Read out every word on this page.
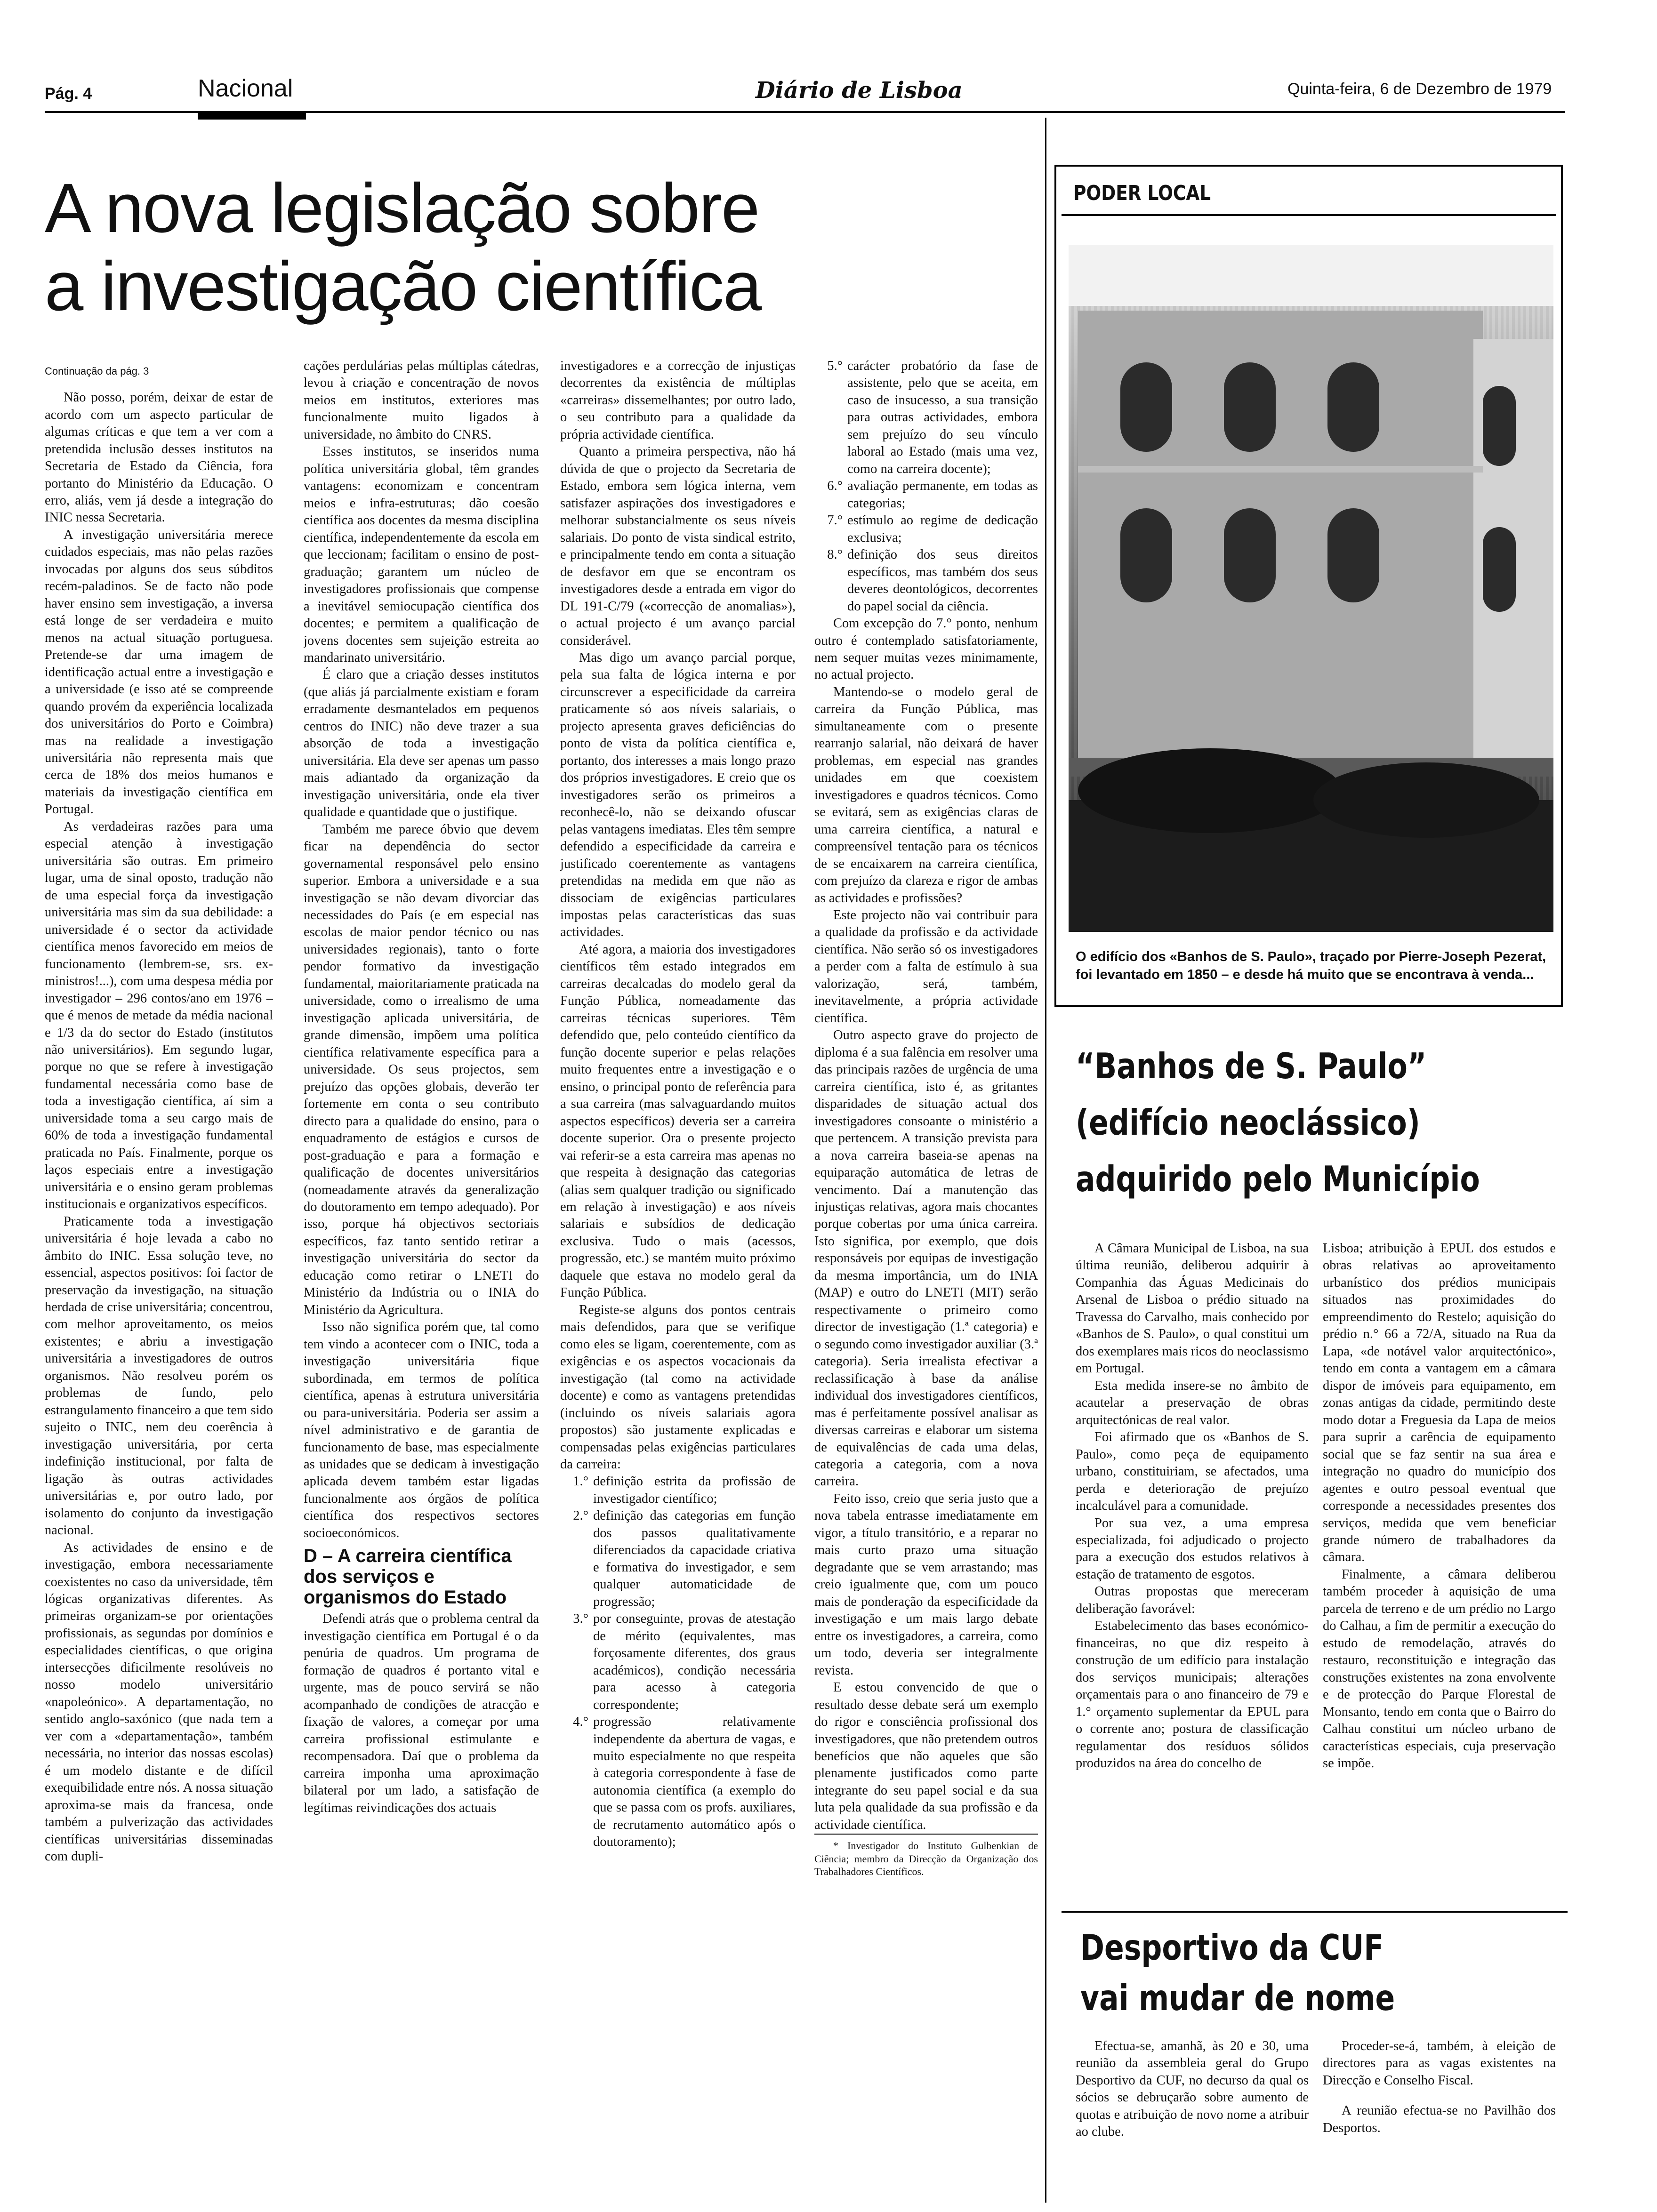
Pág. 4	Nacional	Diário de Lisboa	Quinta-feira, 6 de Dezembro de 1979
A nova legislação sobre
a investigação científica
Continuação da pág. 3

Não posso, porém, deixar de estar de acordo com um aspecto particular de algumas críticas e que tem a ver com a pretendida inclusão desses institutos na Secretaria de Estado da Ciência, fora portanto do Ministério da Educação. O erro, aliás, vem já desde a integração do INIC nessa Secretaria.

A investigação universitária merece cuidados especiais, mas não pelas razões invocadas por alguns dos seus súbditos recém-paladinos. Se de facto não pode haver ensino sem investigação, a inversa está longe de ser verdadeira e muito menos na actual situação portuguesa. Pretende-se dar uma imagem de identificação actual entre a investigação e a universidade (e isso até se compreende quando provém da experiência localizada dos universitários do Porto e Coimbra) mas na realidade a investigação universitária não representa mais que cerca de 18% dos meios humanos e materiais da investigação científica em Portugal.

As verdadeiras razões para uma especial atenção à investigação universitária são outras. Em primeiro lugar, uma de sinal oposto, tradução não de uma especial força da investigação universitária mas sim da sua debilidade: a universidade é o sector da actividade científica menos favorecido em meios de funcionamento (lembrem-se, srs. ex-ministros!...), com uma despesa média por investigador – 296 contos/ano em 1976 – que é menos de metade da média nacional e 1/3 da do sector do Estado (institutos não universitários). Em segundo lugar, porque no que se refere à investigação fundamental necessária como base de toda a investigação científica, aí sim a universidade toma a seu cargo mais de 60% de toda a investigação fundamental praticada no País. Finalmente, porque os laços especiais entre a investigação universitária e o ensino geram problemas institucionais e organizativos específicos.

Praticamente toda a investigação universitária é hoje levada a cabo no âmbito do INIC. Essa solução teve, no essencial, aspectos positivos: foi factor de preservação da investigação, na situação herdada de crise universitária; concentrou, com melhor aproveitamento, os meios existentes; e abriu a investigação universitária a investigadores de outros organismos. Não resolveu porém os problemas de fundo, pelo estrangulamento financeiro a que tem sido sujeito o INIC, nem deu coerência à investigação universitária, por certa indefinição institucional, por falta de ligação às outras actividades universitárias e, por outro lado, por isolamento do conjunto da investigação nacional.

As actividades de ensino e de investigação, embora necessariamente coexistentes no caso da universidade, têm lógicas organizativas diferentes. As primeiras organizam-se por orientações profissionais, as segundas por domínios e especialidades científicas, o que origina intersecções dificilmente resolúveis no nosso modelo universitário «napoleónico». A departamentação, no sentido anglo-saxónico (que nada tem a ver com a «departamentação», também necessária, no interior das nossas escolas) é um modelo distante e de difícil exequibilidade entre nós. A nossa situação aproxima-se mais da francesa, onde também a pulverização das actividades científicas universitárias disseminadas com dupli-

cações perdulárias pelas múltiplas cátedras, levou à criação e concentração de novos meios em institutos, exteriores mas funcionalmente muito ligados à universidade, no âmbito do CNRS.

Esses institutos, se inseridos numa política universitária global, têm grandes vantagens: economizam e concentram meios e infra-estruturas; dão coesão científica aos docentes da mesma disciplina científica, independentemente da escola em que leccionam; facilitam o ensino de post-graduação; garantem um núcleo de investigadores profissionais que compense a inevitável semiocupação científica dos docentes; e permitem a qualificação de jovens docentes sem sujeição estreita ao mandarinato universitário.

É claro que a criação desses institutos (que aliás já parcialmente existiam e foram erradamente desmantelados em pequenos centros do INIC) não deve trazer a sua absorção de toda a investigação universitária. Ela deve ser apenas um passo mais adiantado da organização da investigação universitária, onde ela tiver qualidade e quantidade que o justifique.

Também me parece óbvio que devem ficar na dependência do sector governamental responsável pelo ensino superior. Embora a universidade e a sua investigação se não devam divorciar das necessidades do País (e em especial nas escolas de maior pendor técnico ou nas universidades regionais), tanto o forte pendor formativo da investigação fundamental, maioritariamente praticada na universidade, como o irrealismo de uma investigação aplicada universitária, de grande dimensão, impõem uma política científica relativamente específica para a universidade. Os seus projectos, sem prejuízo das opções globais, deverão ter fortemente em conta o seu contributo directo para a qualidade do ensino, para o enquadramento de estágios e cursos de post-graduação e para a formação e qualificação de docentes universitários (nomeadamente através da generalização do doutoramento em tempo adequado). Por isso, porque há objectivos sectoriais específicos, faz tanto sentido retirar a investigação universitária do sector da educação como retirar o LNETI do Ministério da Indústria ou o INIA do Ministério da Agricultura.

Isso não significa porém que, tal como tem vindo a acontecer com o INIC, toda a investigação universitária fique subordinada, em termos de política científica, apenas à estrutura universitária ou para-universitária. Poderia ser assim a nível administrativo e de garantia de funcionamento de base, mas especialmente as unidades que se dedicam à investigação aplicada devem também estar ligadas funcionalmente aos órgãos de política científica dos respectivos sectores socioeconómicos.

D – A carreira científica dos serviços e organismos do Estado

Defendi atrás que o problema central da investigação científica em Portugal é o da penúria de quadros. Um programa de formação de quadros é portanto vital e urgente, mas de pouco servirá se não acompanhado de condições de atracção e fixação de valores, a começar por uma carreira profissional estimulante e recompensadora. Daí que o problema da carreira imponha uma aproximação bilateral por um lado, a satisfação de legítimas reivindicações dos actuais

investigadores e a correcção de injustiças decorrentes da existência de múltiplas «carreiras» dissemelhantes; por outro lado, o seu contributo para a qualidade da própria actividade científica.

Quanto a primeira perspectiva, não há dúvida de que o projecto da Secretaria de Estado, embora sem lógica interna, vem satisfazer aspirações dos investigadores e melhorar substancialmente os seus níveis salariais. Do ponto de vista sindical estrito, e principalmente tendo em conta a situação de desfavor em que se encontram os investigadores desde a entrada em vigor do DL 191-C/79 («correcção de anomalias»), o actual projecto é um avanço parcial considerável.

Mas digo um avanço parcial porque, pela sua falta de lógica interna e por circunscrever a especificidade da carreira praticamente só aos níveis salariais, o projecto apresenta graves deficiências do ponto de vista da política científica e, portanto, dos interesses a mais longo prazo dos próprios investigadores. E creio que os investigadores serão os primeiros a reconhecê-lo, não se deixando ofuscar pelas vantagens imediatas. Eles têm sempre defendido a especificidade da carreira e justificado coerentemente as vantagens pretendidas na medida em que não as dissociam de exigências particulares impostas pelas características das suas actividades.

Até agora, a maioria dos investigadores científicos têm estado integrados em carreiras decalcadas do modelo geral da Função Pública, nomeadamente das carreiras técnicas superiores. Têm defendido que, pelo conteúdo científico da função docente superior e pelas relações muito frequentes entre a investigação e o ensino, o principal ponto de referência para a sua carreira (mas salvaguardando muitos aspectos específicos) deveria ser a carreira docente superior. Ora o presente projecto vai referir-se a esta carreira mas apenas no que respeita à designação das categorias (alias sem qualquer tradição ou significado em relação à investigação) e aos níveis salariais e subsídios de dedicação exclusiva. Tudo o mais (acessos, progressão, etc.) se mantém muito próximo daquele que estava no modelo geral da Função Pública.

Registe-se alguns dos pontos centrais mais defendidos, para que se verifique como eles se ligam, coerentemente, com as exigências e os aspectos vocacionais da investigação (tal como na actividade docente) e como as vantagens pretendidas (incluindo os níveis salariais agora propostos) são justamente explicadas e compensadas pelas exigências particulares da carreira:

1.° definição estrita da profissão de investigador científico;
2.° definição das categorias em função dos passos qualitativamente diferenciados da capacidade criativa e formativa do investigador, e sem qualquer automaticidade de progressão;
3.° por conseguinte, provas de atestação de mérito (equivalentes, mas forçosamente diferentes, dos graus académicos), condição necessária para acesso à categoria correspondente;
4.° progressão relativamente independente da abertura de vagas, e muito especialmente no que respeita à categoria correspondente à fase de autonomia científica (a exemplo do que se passa com os profs. auxiliares, de recrutamento automático após o doutoramento);
5.° carácter probatório da fase de assistente, pelo que se aceita, em caso de insucesso, a sua transição para outras actividades, embora sem prejuízo do seu vínculo laboral ao Estado (mais uma vez, como na carreira docente);
6.° avaliação permanente, em todas as categorias;
7.° estímulo ao regime de dedicação exclusiva;
8.° definição dos seus direitos específicos, mas também dos seus deveres deontológicos, decorrentes do papel social da ciência.

Com excepção do 7.° ponto, nenhum outro é contemplado satisfatoriamente, nem sequer muitas vezes minimamente, no actual projecto.

Mantendo-se o modelo geral de carreira da Função Pública, mas simultaneamente com o presente rearranjo salarial, não deixará de haver problemas, em especial nas grandes unidades em que coexistem investigadores e quadros técnicos. Como se evitará, sem as exigências claras de uma carreira científica, a natural e compreensível tentação para os técnicos de se encaixarem na carreira científica, com prejuízo da clareza e rigor de ambas as actividades e profissões?

Este projecto não vai contribuir para a qualidade da profissão e da actividade científica. Não serão só os investigadores a perder com a falta de estímulo à sua valorização, será, também, inevitavelmente, a própria actividade científica.

Outro aspecto grave do projecto de diploma é a sua falência em resolver uma das principais razões de urgência de uma carreira científica, isto é, as gritantes disparidades de situação actual dos investigadores consoante o ministério a que pertencem. A transição prevista para a nova carreira baseia-se apenas na equiparação automática de letras de vencimento. Daí a manutenção das injustiças relativas, agora mais chocantes porque cobertas por uma única carreira. Isto significa, por exemplo, que dois responsáveis por equipas de investigação da mesma importância, um do INIA (MAP) e outro do LNETI (MIT) serão respectivamente o primeiro como director de investigação (1.ª categoria) e o segundo como investigador auxiliar (3.ª categoria). Seria irrealista efectivar a reclassificação à base da análise individual dos investigadores científicos, mas é perfeitamente possível analisar as diversas carreiras e elaborar um sistema de equivalências de cada uma delas, categoria a categoria, com a nova carreira.

Feito isso, creio que seria justo que a nova tabela entrasse imediatamente em vigor, a título transitório, e a reparar no mais curto prazo uma situação degradante que se vem arrastando; mas creio igualmente que, com um pouco mais de ponderação da especificidade da investigação e um mais largo debate entre os investigadores, a carreira, como um todo, deveria ser integralmente revista.

E estou convencido de que o resultado desse debate será um exemplo do rigor e consciência profissional dos investigadores, que não pretendem outros benefícios que não aqueles que são plenamente justificados como parte integrante do seu papel social e da sua luta pela qualidade da sua profissão e da actividade científica.

* Investigador do Instituto Gulbenkian de Ciência; membro da Direcção da Organização dos Trabalhadores Científicos.

PODER LOCAL
O edifício dos «Banhos de S. Paulo», traçado por Pierre-Joseph Pezerat, foi levantado em 1850 – e desde há muito que se encontrava à venda...
“Banhos de S. Paulo”
(edifício neoclássico)
adquirido pelo Município

A Câmara Municipal de Lisboa, na sua última reunião, deliberou adquirir à Companhia das Águas Medicinais do Arsenal de Lisboa o prédio situado na Travessa do Carvalho, mais conhecido por «Banhos de S. Paulo», o qual constitui um dos exemplares mais ricos do neoclassismo em Portugal.

Esta medida insere-se no âmbito de acautelar a preservação de obras arquitectónicas de real valor.

Foi afirmado que os «Banhos de S. Paulo», como peça de equipamento urbano, constituiriam, se afectados, uma perda e deterioração de prejuízo incalculável para a comunidade.

Por sua vez, a uma empresa especializada, foi adjudicado o projecto para a execução dos estudos relativos à estação de tratamento de esgotos.

Outras propostas que mereceram deliberação favorável:

Estabelecimento das bases económico-financeiras, no que diz respeito à construção de um edifício para instalação dos serviços municipais; alterações orçamentais para o ano financeiro de 79 e 1.° orçamento suplementar da EPUL para o corrente ano; postura de classificação regulamentar dos resíduos sólidos produzidos na área do concelho de

Lisboa; atribuição à EPUL dos estudos e obras relativas ao aproveitamento urbanístico dos prédios municipais situados nas proximidades do empreendimento do Restelo; aquisição do prédio n.° 66 a 72/A, situado na Rua da Lapa, «de notável valor arquitectónico», tendo em conta a vantagem em a câmara dispor de imóveis para equipamento, em zonas antigas da cidade, permitindo deste modo dotar a Freguesia da Lapa de meios para suprir a carência de equipamento social que se faz sentir na sua área e integração no quadro do município dos agentes e outro pessoal eventual que corresponde a necessidades presentes dos serviços, medida que vem beneficiar grande número de trabalhadores da câmara.

Finalmente, a câmara deliberou também proceder à aquisição de uma parcela de terreno e de um prédio no Largo do Calhau, a fim de permitir a execução do estudo de remodelação, através do restauro, reconstituição e integração das construções existentes na zona envolvente e de protecção do Parque Florestal de Monsanto, tendo em conta que o Bairro do Calhau constitui um núcleo urbano de características especiais, cuja preservação se impõe.

Desportivo da CUF
vai mudar de nome

Efectua-se, amanhã, às 20 e 30, uma reunião da assembleia geral do Grupo Desportivo da CUF, no decurso da qual os sócios se debruçarão sobre aumento de quotas e atribuição de novo nome a atribuir ao clube.

Proceder-se-á, também, à eleição de directores para as vagas existentes na Direcção e Conselho Fiscal.

A reunião efectua-se no Pavilhão dos Desportos.
